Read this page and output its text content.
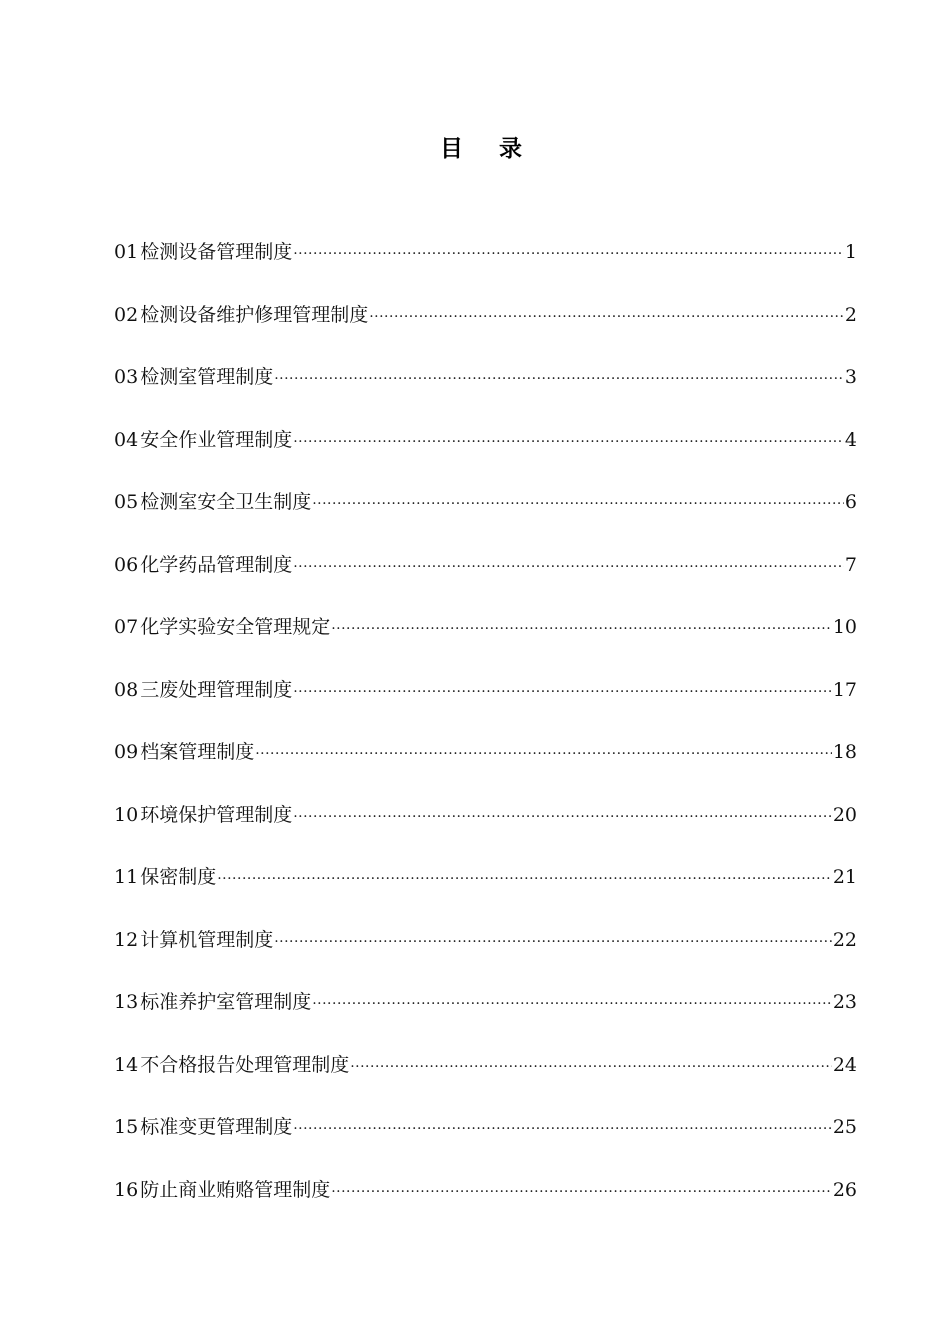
目 录
01 检测设备管理制度 ·····	1
02 检测设备维护修理管理制度 ·····	2
03 检测室管理制度 ·····	3
04 安全作业管理制度 ·····	4
05 检测室安全卫生制度 ·····	6
06 化学药品管理制度 ·····	7
07 化学实验安全管理规定 ·····	10
08 三废处理管理制度 ·····	17
09 档案管理制度 ·····	18
10 环境保护管理制度 ·····	20
11 保密制度 ·····	21
12 计算机管理制度 ·····	22
13 标准养护室管理制度 ·····	23
14 不合格报告处理管理制度 ·····	24
15 标准变更管理制度 ·····	25
16 防止商业贿赂管理制度 ·····	26
